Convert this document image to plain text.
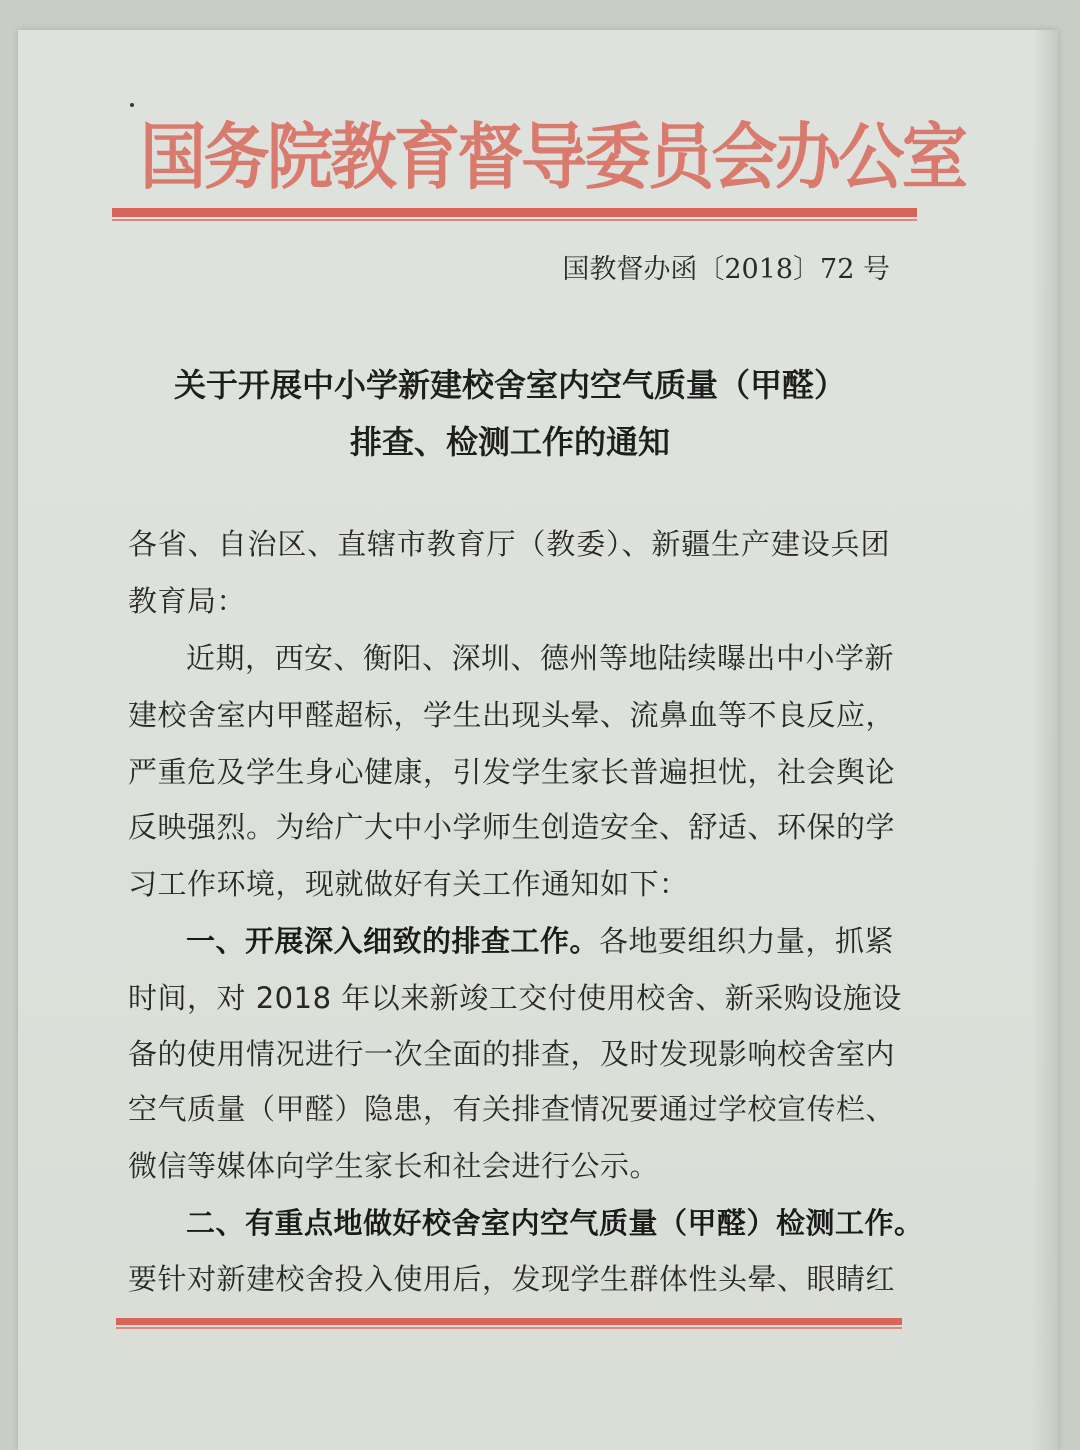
国务院教育督导委员会办公室
国教督办函〔2018〕72 号
关于开展中小学新建校舍室内空气质量（甲醛）
排查、检测工作的通知
各省、自治区、直辖市教育厅（教委）、新疆生产建设兵团
教育局：
近期，西安、衡阳、深圳、德州等地陆续曝出中小学新
建校舍室内甲醛超标，学生出现头晕、流鼻血等不良反应，
严重危及学生身心健康，引发学生家长普遍担忧，社会舆论
反映强烈。为给广大中小学师生创造安全、舒适、环保的学
习工作环境，现就做好有关工作通知如下：
一、开展深入细致的排查工作。各地要组织力量，抓紧
时间，对 2018 年以来新竣工交付使用校舍、新采购设施设
备的使用情况进行一次全面的排查，及时发现影响校舍室内
空气质量（甲醛）隐患，有关排查情况要通过学校宣传栏、
微信等媒体向学生家长和社会进行公示。
二、有重点地做好校舍室内空气质量（甲醛）检测工作。
要针对新建校舍投入使用后，发现学生群体性头晕、眼睛红
